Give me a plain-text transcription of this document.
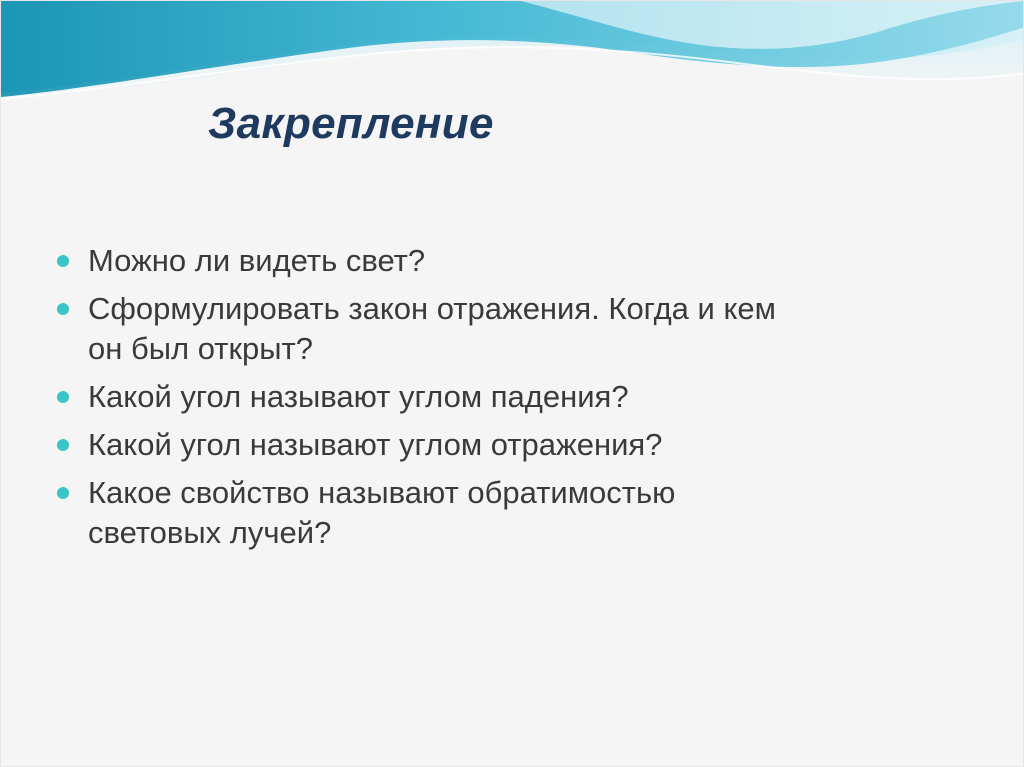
Закрепление
Можно ли видеть свет?
Сформулировать закон отражения. Когда и кем он был открыт?
Какой угол называют углом падения?
Какой угол называют углом отражения?
Какое свойство называют обратимостью световых лучей?
